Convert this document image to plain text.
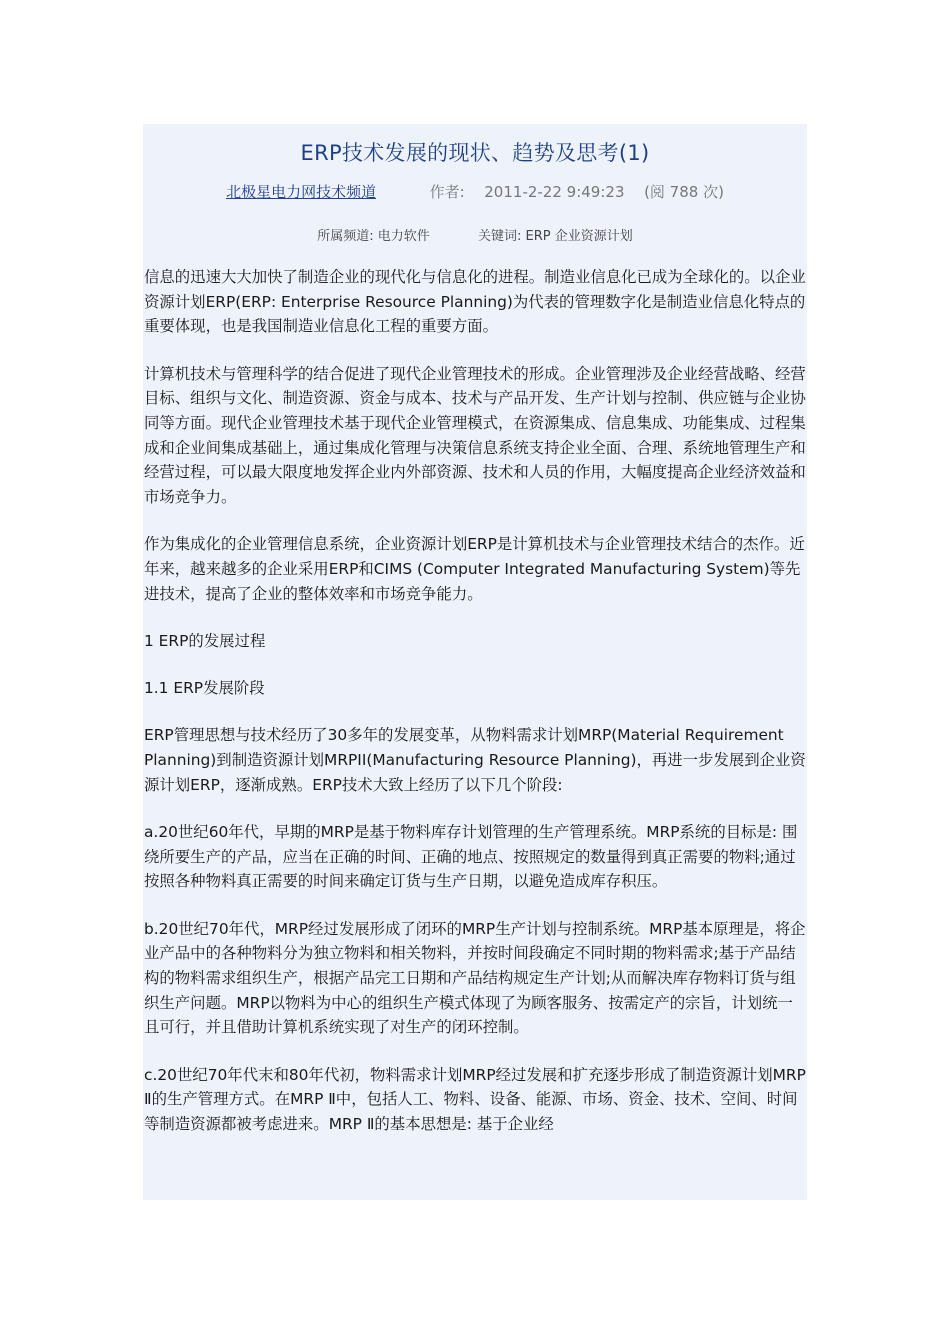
ERP技术发展的现状、趋势及思考(1)
北极星电力网技术频道	作者: 2011-2-22 9:49:23 (阅 788 次)
所属频道: 电力软件	关键词: ERP 企业资源计划

信息的迅速大大加快了制造企业的现代化与信息化的进程。制造业信息化已成为全球化的。以企业资源计划ERP(ERP: Enterprise Resource Planning)为代表的管理数字化是制造业信息化特点的重要体现，也是我国制造业信息化工程的重要方面。

计算机技术与管理科学的结合促进了现代企业管理技术的形成。企业管理涉及企业经营战略、经营目标、组织与文化、制造资源、资金与成本、技术与产品开发、生产计划与控制、供应链与企业协同等方面。现代企业管理技术基于现代企业管理模式，在资源集成、信息集成、功能集成、过程集成和企业间集成基础上，通过集成化管理与决策信息系统支持企业全面、合理、系统地管理生产和经营过程，可以最大限度地发挥企业内外部资源、技术和人员的作用，大幅度提高企业经济效益和市场竞争力。

作为集成化的企业管理信息系统，企业资源计划ERP是计算机技术与企业管理技术结合的杰作。近年来，越来越多的企业采用ERP和CIMS (Computer Integrated Manufacturing System)等先进技术，提高了企业的整体效率和市场竞争能力。

1 ERP的发展过程

1.1 ERP发展阶段

ERP管理思想与技术经历了30多年的发展变革，从物料需求计划MRP(Material Requirement Planning)到制造资源计划MRPII(Manufacturing Resource Planning)，再进一步发展到企业资源计划ERP，逐渐成熟。ERP技术大致上经历了以下几个阶段:

a.20世纪60年代，早期的MRP是基于物料库存计划管理的生产管理系统。MRP系统的目标是: 围绕所要生产的产品，应当在正确的时间、正确的地点、按照规定的数量得到真正需要的物料;通过按照各种物料真正需要的时间来确定订货与生产日期，以避免造成库存积压。

b.20世纪70年代，MRP经过发展形成了闭环的MRP生产计划与控制系统。MRP基本原理是，将企业产品中的各种物料分为独立物料和相关物料，并按时间段确定不同时期的物料需求;基于产品结构的物料需求组织生产，根据产品完工日期和产品结构规定生产计划;从而解决库存物料订货与组织生产问题。MRP以物料为中心的组织生产模式体现了为顾客服务、按需定产的宗旨，计划统一且可行，并且借助计算机系统实现了对生产的闭环控制。

c.20世纪70年代末和80年代初，物料需求计划MRP经过发展和扩充逐步形成了制造资源计划MRP Ⅱ的生产管理方式。在MRP Ⅱ中，包括人工、物料、设备、能源、市场、资金、技术、空间、时间等制造资源都被考虑进来。MRP Ⅱ的基本思想是: 基于企业经
